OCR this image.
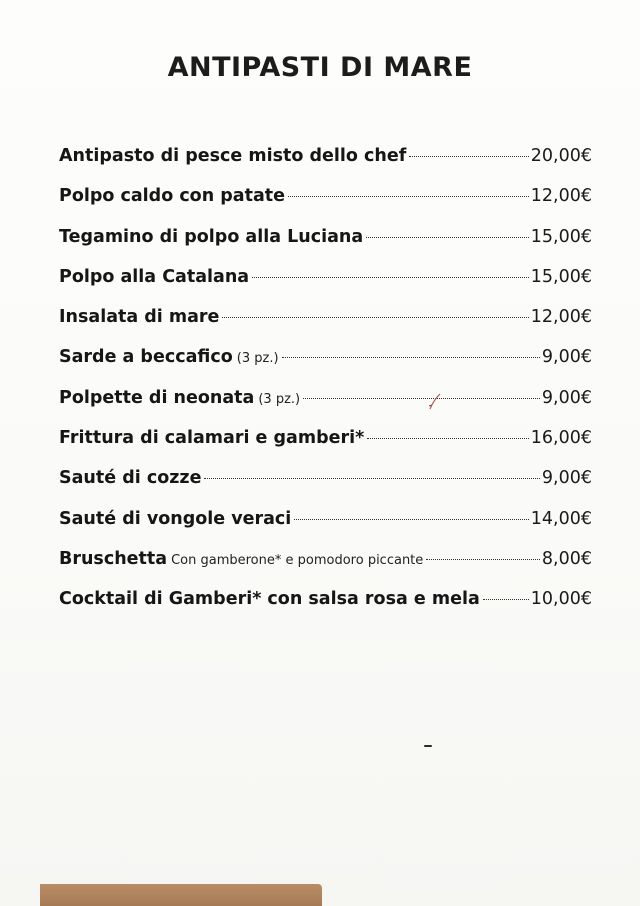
ANTIPASTI DI MARE
Antipasto di pesce misto dello chef	20,00€
Polpo caldo con patate	12,00€
Tegamino di polpo alla Luciana	15,00€
Polpo alla Catalana	15,00€
Insalata di mare	12,00€
Sarde a beccafico (3 pz.)	9,00€
Polpette di neonata (3 pz.)	9,00€
Frittura di calamari e gamberi*	16,00€
Sauté di cozze	9,00€
Sauté di vongole veraci	14,00€
Bruschetta Con gamberone* e pomodoro piccante	8,00€
Cocktail di Gamberi* con salsa rosa e mela	10,00€
